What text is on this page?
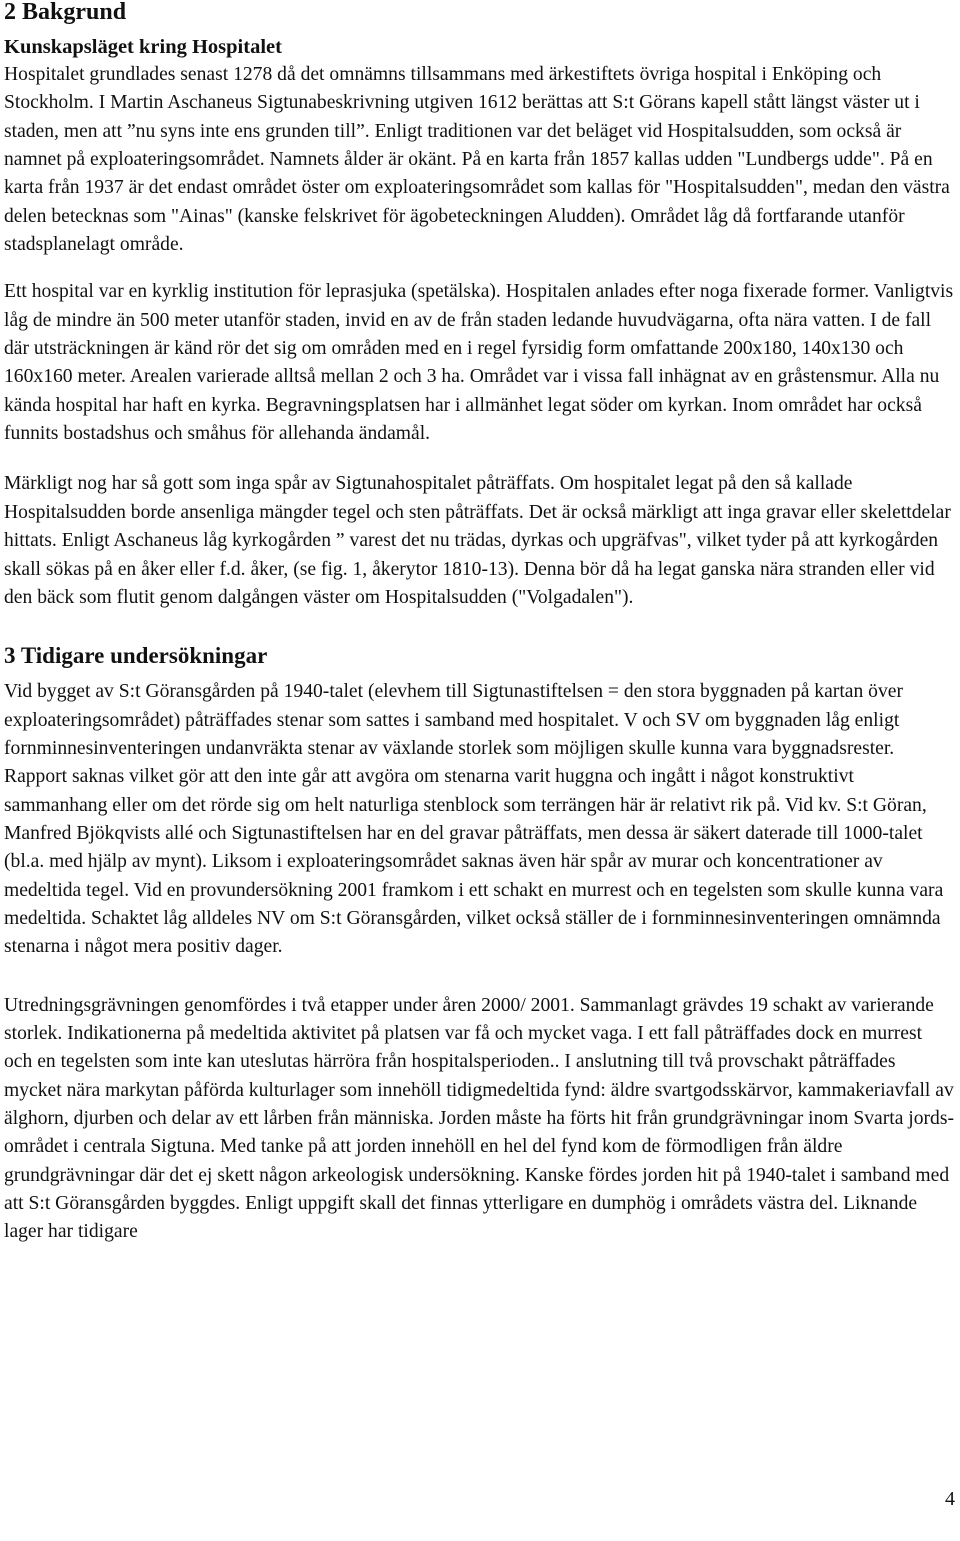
2 Bakgrund
Kunskapsläget kring Hospitalet

Hospitalet grundlades senast 1278 då det omnämns tillsammans med ärkestiftets övriga hospital i Enköping och Stockholm. I Martin Aschaneus Sigtunabeskrivning utgiven 1612 berättas att S:t Görans kapell stått längst väster ut i staden, men att ”nu syns inte ens grunden till”. Enligt traditionen var det beläget vid Hospitalsudden, som också är namnet på exploateringsområdet. Namnets ålder är okänt. På en karta från 1857 kallas udden "Lundbergs udde". På en karta från 1937 är det endast området öster om exploateringsområdet som kallas för "Hospitalsudden", medan den västra delen betecknas som "Ainas" (kanske felskrivet för ägobeteckningen Aludden). Området låg då fortfarande utanför stadsplanelagt område.

Ett hospital var en kyrklig institution för leprasjuka (spetälska). Hospitalen anlades efter noga fixerade former. Vanligtvis låg de mindre än 500 meter utanför staden, invid en av de från staden ledande huvudvägarna, ofta nära vatten. I de fall där utsträckningen är känd rör det sig om områden med en i regel fyrsidig form omfattande 200x180, 140x130 och 160x160 meter. Arealen varierade alltså mellan 2 och 3 ha. Området var i vissa fall inhägnat av en gråstensmur. Alla nu kända hospital har haft en kyrka. Begravningsplatsen har i allmänhet legat söder om kyrkan. Inom området har också funnits bostadshus och småhus för allehanda ändamål.

Märkligt nog har så gott som inga spår av Sigtunahospitalet påträffats. Om hospitalet legat på den så kallade Hospitalsudden borde ansenliga mängder tegel och sten påträffats. Det är också märkligt att inga gravar eller skelettdelar hittats. Enligt Aschaneus låg kyrkogården ” varest det nu trädas, dyrkas och upgräfvas", vilket tyder på att kyrkogården skall sökas på en åker eller f.d. åker, (se fig. 1, åkerytor 1810-13). Denna bör då ha legat ganska nära stranden eller vid den bäck som flutit genom dalgången väster om Hospitalsudden ("Volgadalen").

3 Tidigare undersökningar

Vid bygget av S:t Göransgården på 1940-talet (elevhem till Sigtunastiftelsen = den stora byggnaden på kartan över exploateringsområdet) påträffades stenar som sattes i samband med hospitalet. V och SV om byggnaden låg enligt fornminnesinventeringen undanvräkta stenar av växlande storlek som möjligen skulle kunna vara byggnadsrester. Rapport saknas vilket gör att den inte går att avgöra om stenarna varit huggna och ingått i något konstruktivt sammanhang eller om det rörde sig om helt naturliga stenblock som terrängen här är relativt rik på. Vid kv. S:t Göran, Manfred Bjökqvists allé och Sigtunastiftelsen har en del gravar påträffats, men dessa är säkert daterade till 1000-talet (bl.a. med hjälp av mynt). Liksom i exploateringsområdet saknas även här spår av murar och koncentrationer av medeltida tegel. Vid en provundersökning 2001 framkom i ett schakt en murrest och en tegelsten som skulle kunna vara medeltida. Schaktet låg alldeles NV om S:t Göransgården, vilket också ställer de i fornminnesinventeringen omnämnda stenarna i något mera positiv dager.

Utredningsgrävningen genomfördes i två etapper under åren 2000/ 2001. Sammanlagt grävdes 19 schakt av varierande storlek. Indikationerna på medeltida aktivitet på platsen var få och mycket vaga. I ett fall påträffades dock en murrest och en tegelsten som inte kan uteslutas härröra från hospitalsperioden.. I anslutning till två provschakt påträffades mycket nära markytan påförda kulturlager som innehöll tidigmedeltida fynd: äldre svartgodsskärvor, kammakeriavfall av älghorn, djurben och delar av ett lårben från människa. Jorden måste ha förts hit från grundgrävningar inom Svarta jords-området i centrala Sigtuna. Med tanke på att jorden innehöll en hel del fynd kom de förmodligen från äldre grundgrävningar där det ej skett någon arkeologisk undersökning. Kanske fördes jorden hit på 1940-talet i samband med att S:t Göransgården byggdes. Enligt uppgift skall det finnas ytterligare en dumphög i områdets västra del. Liknande lager har tidigare

4
